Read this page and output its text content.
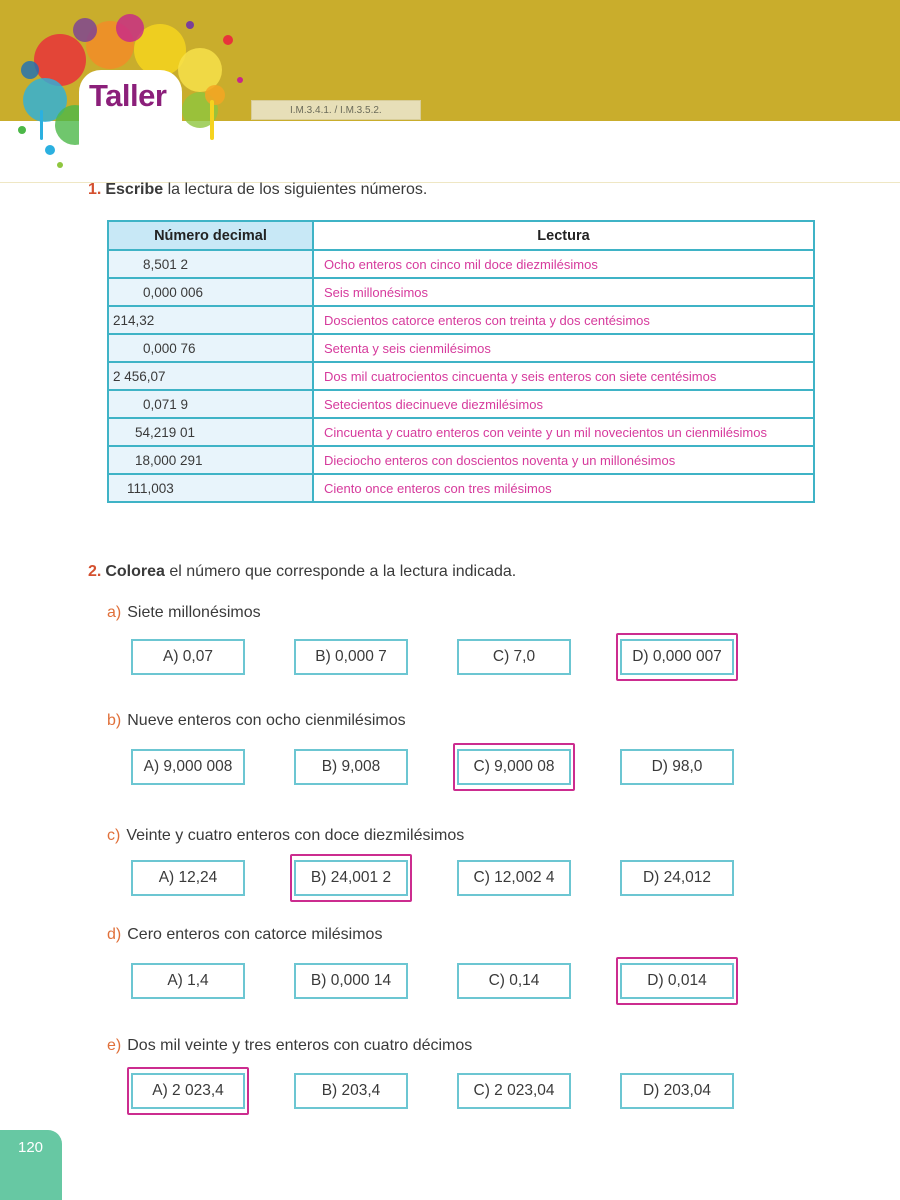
Taller	I.M.3.4.1. / I.M.3.5.2.
1. Escribe la lectura de los siguientes números.
Número decimal	Lectura
8,501 2	Ocho enteros con cinco mil doce diezmilésimos
0,000 006	Seis millonésimos
214,32	Doscientos catorce enteros con treinta y dos centésimos
0,000 76	Setenta y seis cienmilésimos
2 456,07	Dos mil cuatrocientos cincuenta y seis enteros con siete centésimos
0,071 9	Setecientos diecinueve diezmilésimos
54,219 01	Cincuenta y cuatro enteros con veinte y un mil novecientos un cienmilésimos
18,000 291	Dieciocho enteros con doscientos noventa y un millonésimos
111,003	Ciento once enteros con tres milésimos
2. Colorea el número que corresponde a la lectura indicada.
a) Siete millonésimos
A) 0,07	B) 0,000 7	C) 7,0	D) 0,000 007
b) Nueve enteros con ocho cienmilésimos
A) 9,000 008	B) 9,008	C) 9,000 08	D) 98,0
c) Veinte y cuatro enteros con doce diezmilésimos
A) 12,24	B) 24,001 2	C) 12,002 4	D) 24,012
d) Cero enteros con catorce milésimos
A) 1,4	B) 0,000 14	C) 0,14	D) 0,014
e) Dos mil veinte y tres enteros con cuatro décimos
A) 2 023,4	B) 203,4	C) 2 023,04	D) 203,04
120
